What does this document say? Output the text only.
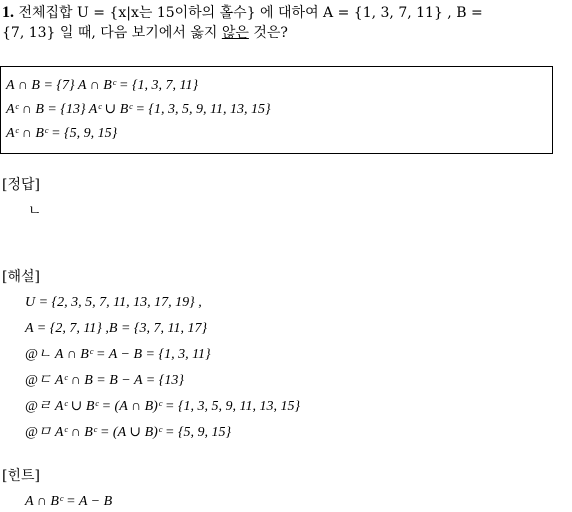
1. 전체집합 U = {x|x는 15이하의 홀수} 에 대하여 A = {1, 3, 7, 11} , B =
{7, 13} 일 때, 다음 보기에서 옳지 않은 것은?
A ∩ B = {7} A ∩ Bᶜ = {1, 3, 7, 11}
Aᶜ ∩ B = {13} Aᶜ ∪ Bᶜ = {1, 3, 5, 9, 11, 13, 15}
Aᶜ ∩ Bᶜ = {5, 9, 15}
[정답]
ㄴ
[해설]
U = {2, 3, 5, 7, 11, 13, 17, 19} ,
A = {2, 7, 11} ,B = {3, 7, 11, 17}
@ㄴ A ∩ Bᶜ = A − B = {1, 3, 11}
@ㄷ Aᶜ ∩ B = B − A = {13}
@ㄹ Aᶜ ∪ Bᶜ = (A ∩ B)ᶜ = {1, 3, 5, 9, 11, 13, 15}
@ㅁ Aᶜ ∩ Bᶜ = (A ∪ B)ᶜ = {5, 9, 15}
[힌트]
A ∩ Bᶜ = A − B
